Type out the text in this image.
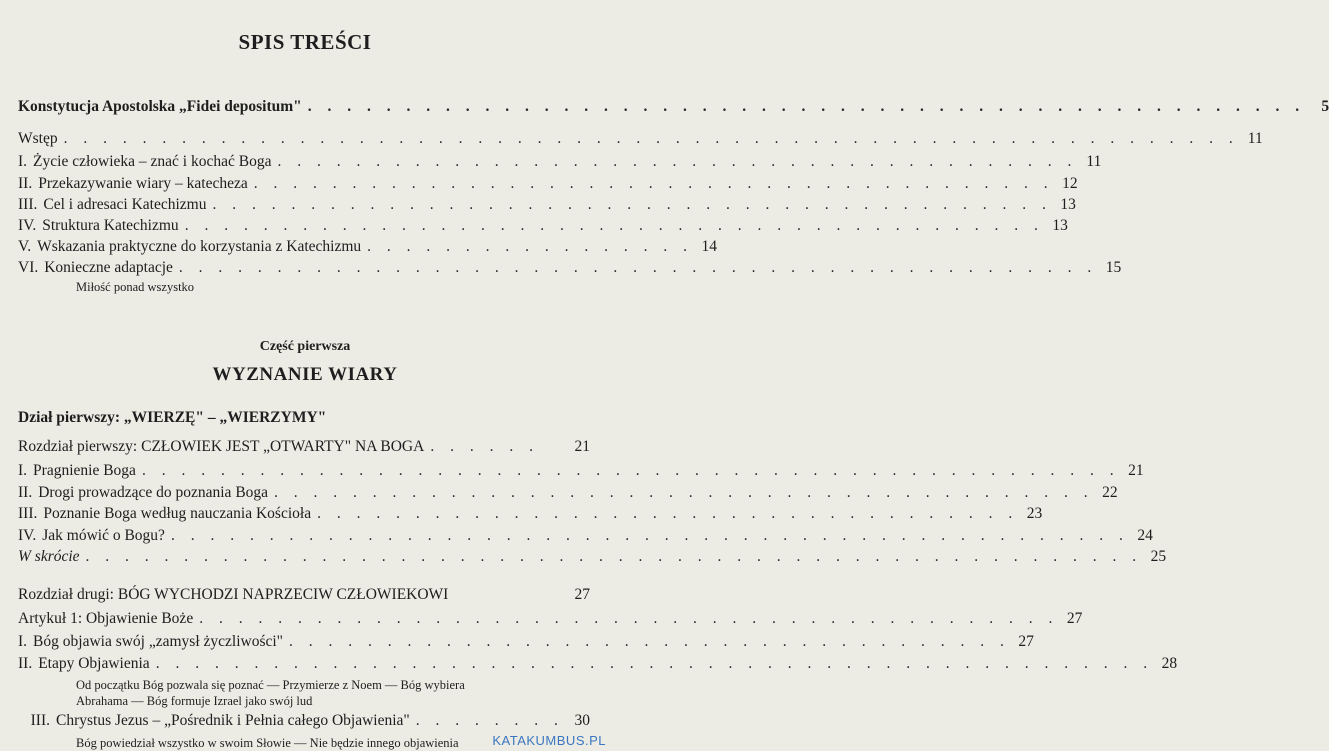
SPIS TREŚCI
Konstytucja Apostolska „Fidei depositum" . . . . . . . . . . . . . . . . . . . . . . . . . . . . . . . . . . . . . . . . . . . . . . . . . . .	5
Wstęp . . . . . . . . . . . . . . . . . . . . . . . . . . . . . . . . . . . . . . . . . . . . . . . . . . . . . . . . . . . . 11
I. Życie człowieka – znać i kochać Boga . . . . . . . . . . . . . . . . . . . . . . . . . . . . . . . . . . . . . . . . . 11
II. Przekazywanie wiary – katecheza . . . . . . . . . . . . . . . . . . . . . . . . . . . . . . . . . . . . . . . . . 12
III. Cel i adresaci Katechizmu . . . . . . . . . . . . . . . . . . . . . . . . . . . . . . . . . . . . . . . . . . . 13
IV. Struktura Katechizmu . . . . . . . . . . . . . . . . . . . . . . . . . . . . . . . . . . . . . . . . . . . . 13
V. Wskazania praktyczne do korzystania z Katechizmu . . . . . . . . . . . . . . . . . 14
VI. Konieczne adaptacje . . . . . . . . . . . . . . . . . . . . . . . . . . . . . . . . . . . . . . . . . . . . . . . 15
Miłość ponad wszystko
Część pierwsza
WYZNANIE WIARY
Dział pierwszy: „WIERZĘ" – „WIERZYMY"
Rozdział pierwszy: CZŁOWIEK JEST „OTWARTY" NA BOGA . . . . . .	21
I. Pragnienie Boga . . . . . . . . . . . . . . . . . . . . . . . . . . . . . . . . . . . . . . . . . . . . . . . . . . 21
II. Drogi prowadzące do poznania Boga . . . . . . . . . . . . . . . . . . . . . . . . . . . . . . . . . . . . . . . . . . 22
III. Poznanie Boga według nauczania Kościoła . . . . . . . . . . . . . . . . . . . . . . . . . . . . . . . . . . . . 23
IV. Jak mówić o Bogu? . . . . . . . . . . . . . . . . . . . . . . . . . . . . . . . . . . . . . . . . . . . . . . . . . 24
W skrócie . . . . . . . . . . . . . . . . . . . . . . . . . . . . . . . . . . . . . . . . . . . . . . . . . . . . . . 25
Rozdział drugi: BÓG WYCHODZI NAPRZECIW CZŁOWIEKOWI	27
Artykuł 1: Objawienie Boże . . . . . . . . . . . . . . . . . . . . . . . . . . . . . . . . . . . . . . . . . . . . 27
I. Bóg objawia swój „zamysł życzliwości" . . . . . . . . . . . . . . . . . . . . . . . . . . . . . . . . . . . . . 27
II. Etapy Objawienia . . . . . . . . . . . . . . . . . . . . . . . . . . . . . . . . . . . . . . . . . . . . . . . . . . . 28
Od początku Bóg pozwala się poznać — Przymierze z Noem — Bóg wybiera
Abrahama — Bóg formuje Izrael jako swój lud
III. Chrystus Jezus – „Pośrednik i Pełnia całego Objawienia" . . . . . . . . 30
Bóg powiedział wszystko w swoim Słowie — Nie będzie innego objawienia	KATAKUMBUS.PL
